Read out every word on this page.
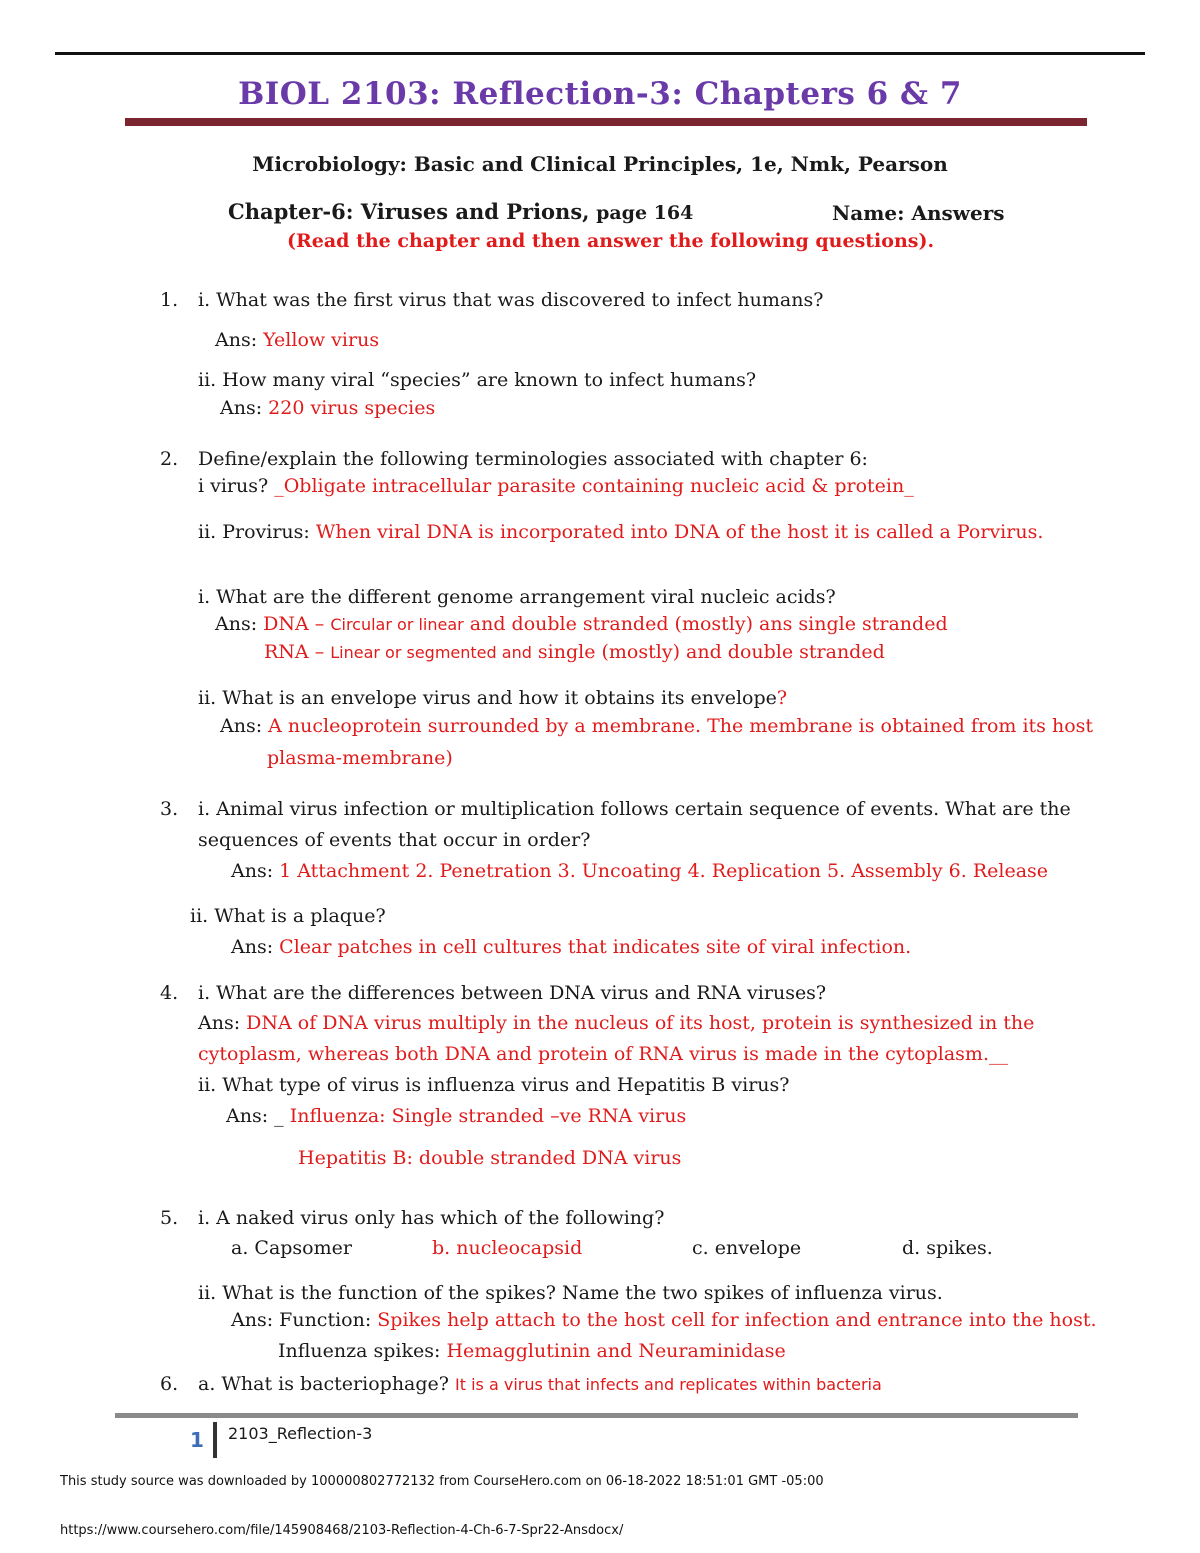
BIOL 2103: Reflection-3: Chapters 6 & 7
Microbiology: Basic and Clinical Principles, 1e, Nmk, Pearson
Chapter-6: Viruses and Prions, page 164	Name: Answers
(Read the chapter and then answer the following questions).
1. i. What was the first virus that was discovered to infect humans?
Ans: Yellow virus
ii. How many viral “species” are known to infect humans?
Ans: 220 virus species
2. Define/explain the following terminologies associated with chapter 6:
i virus? _Obligate intracellular parasite containing nucleic acid & protein_
ii. Provirus: When viral DNA is incorporated into DNA of the host it is called a Porvirus.
i. What are the different genome arrangement viral nucleic acids?
Ans: DNA – Circular or linear and double stranded (mostly) ans single stranded
RNA – Linear or segmented and single (mostly) and double stranded
ii. What is an envelope virus and how it obtains its envelope?
Ans: A nucleoprotein surrounded by a membrane. The membrane is obtained from its host
plasma-membrane)
3. i. Animal virus infection or multiplication follows certain sequence of events. What are the
sequences of events that occur in order?
Ans: 1 Attachment 2. Penetration 3. Uncoating 4. Replication 5. Assembly 6. Release
ii. What is a plaque?
Ans: Clear patches in cell cultures that indicates site of viral infection.
4. i. What are the differences between DNA virus and RNA viruses?
Ans: DNA of DNA virus multiply in the nucleus of its host, protein is synthesized in the
cytoplasm, whereas both DNA and protein of RNA virus is made in the cytoplasm.__
ii. What type of virus is influenza virus and Hepatitis B virus?
Ans: _ Influenza: Single stranded –ve RNA virus
Hepatitis B: double stranded DNA virus
5. i. A naked virus only has which of the following?
a. Capsomer	b. nucleocapsid	c. envelope	d. spikes.
ii. What is the function of the spikes? Name the two spikes of influenza virus.
Ans: Function: Spikes help attach to the host cell for infection and entrance into the host.
Influenza spikes: Hemagglutinin and Neuraminidase
6. a. What is bacteriophage? It is a virus that infects and replicates within bacteria
1 2103_Reflection-3
This study source was downloaded by 100000802772132 from CourseHero.com on 06-18-2022 18:51:01 GMT -05:00
https://www.coursehero.com/file/145908468/2103-Reflection-4-Ch-6-7-Spr22-Ansdocx/
